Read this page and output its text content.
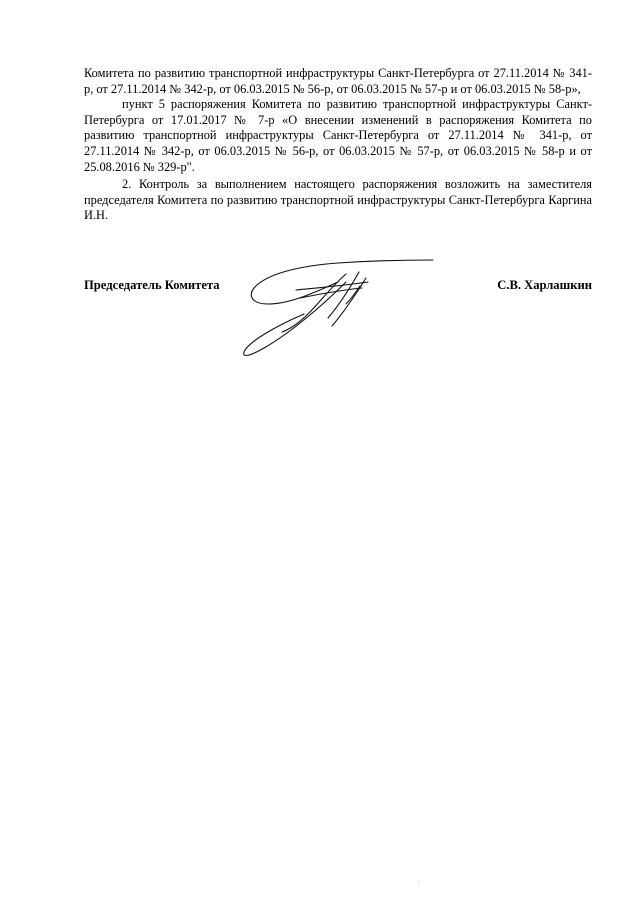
Комитета по развитию транспортной инфраструктуры Санкт-Петербурга от 27.11.2014 № 341-р, от 27.11.2014 № 342-р, от 06.03.2015 № 56-р, от 06.03.2015 № 57-р и от 06.03.2015 № 58-р»,

пункт 5 распоряжения Комитета по развитию транспортной инфраструктуры Санкт-Петербурга от 17.01.2017 № 7-р «О внесении изменений в распоряжения Комитета по развитию транспортной инфраструктуры Санкт-Петербурга от 27.11.2014 № 341-р, от 27.11.2014 № 342-р, от 06.03.2015 № 56-р, от 06.03.2015 № 57-р, от 06.03.2015 № 58-р и от 25.08.2016 № 329-р".

2. Контроль за выполнением настоящего распоряжения возложить на заместителя председателя Комитета по развитию транспортной инфраструктуры Санкт-Петербурга Каргина И.Н.

Председатель Комитета	С.В. Харлашкин
